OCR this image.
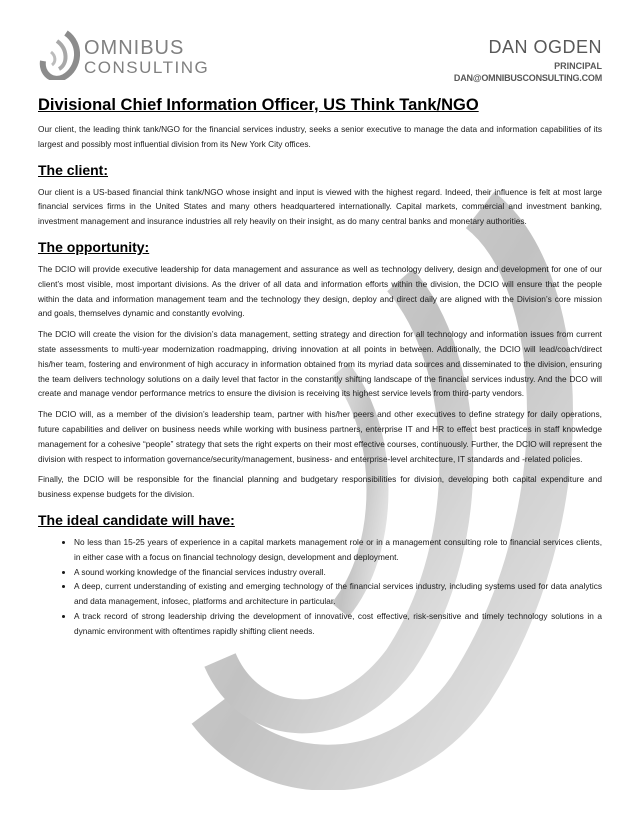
OMNIBUS
CONSULTING
DAN OGDEN
PRINCIPAL
DAN@OMNIBUSCONSULTING.COM
Divisional Chief Information Officer, US Think Tank/NGO

Our client, the leading think tank/NGO for the financial services industry, seeks a senior executive to manage the data and information capabilities of its largest and possibly most influential division from its New York City offices.

The client:

Our client is a US-based financial think tank/NGO whose insight and input is viewed with the highest regard. Indeed, their influence is felt at most large financial services firms in the United States and many others headquartered internationally. Capital markets, commercial and investment banking, investment management and insurance industries all rely heavily on their insight, as do many central banks and monetary authorities.

The opportunity:

The DCIO will provide executive leadership for data management and assurance as well as technology delivery, design and development for one of our client’s most visible, most important divisions. As the driver of all data and information efforts within the division, the DCIO will ensure that the people within the data and information management team and the technology they design, deploy and direct daily are aligned with the Division’s core mission and goals, themselves dynamic and constantly evolving.

The DCIO will create the vision for the division’s data management, setting strategy and direction for all technology and information issues from current state assessments to multi-year modernization roadmapping, driving innovation at all points in between. Additionally, the DCIO will lead/coach/direct his/her team, fostering and environment of high accuracy in information obtained from its myriad data sources and disseminated to the division, ensuring the team delivers technology solutions on a daily level that factor in the constantly shifting landscape of the financial services industry. And the DCO will create and manage vendor performance metrics to ensure the division is receiving its highest service levels from third-party vendors.

The DCIO will, as a member of the division’s leadership team, partner with his/her peers and other executives to define strategy for daily operations, future capabilities and deliver on business needs while working with business partners, enterprise IT and HR to effect best practices in staff knowledge management for a cohesive “people” strategy that sets the right experts on their most effective courses, continuously. Further, the DCIO will represent the division with respect to information governance/security/management, business- and enterprise-level architecture, IT standards and -related policies.

Finally, the DCIO will be responsible for the financial planning and budgetary responsibilities for division, developing both capital expenditure and business expense budgets for the division.

The ideal candidate will have:
• No less than 15-25 years of experience in a capital markets management role or in a management consulting role to financial services clients, in either case with a focus on financial technology design, development and deployment.
• A sound working knowledge of the financial services industry overall.
• A deep, current understanding of existing and emerging technology of the financial services industry, including systems used for data analytics and data management, infosec, platforms and architecture in particular.
• A track record of strong leadership driving the development of innovative, cost effective, risk-sensitive and timely technology solutions in a dynamic environment with oftentimes rapidly shifting client needs.
